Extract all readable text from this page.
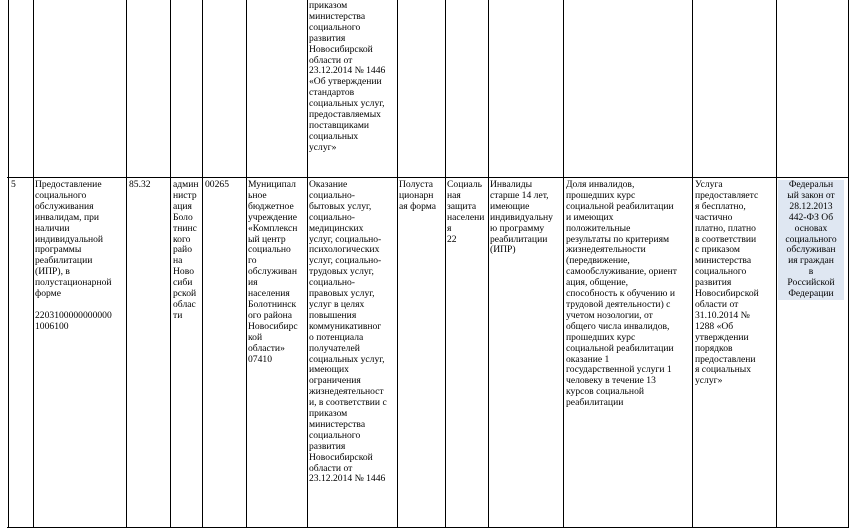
приказом
министерства
социального
развития
Новосибирской
области от
23.12.2014 № 1446
«Об утверждении
стандартов
социальных услуг,
предоставляемых
поставщиками
социальных
услуг»
5 Предоставление
социального
обслуживания
инвалидам, при
наличии
индивидуальной
программы
реабилитации
(ИПР), в
полустационарной
форме

2203100000000000
1006100
85.32 админ
нистр
ация
Боло
тнинс
кого
райо
на
Ново
сиби
рской
облас
ти
00265 Муниципал
ьное
бюджетное
учреждение
«Комплексн
ый центр
социально
го
обслуживан
ия
населения
Болотнинск
ого района
Новосибирс
кой
области»
07410
Оказание
социально-
бытовых услуг,
социально-
медицинских
услуг, социально-
психологических
услуг, социально-
трудовых услуг,
социально-
правовых услуг,
услуг в целях
повышения
коммуникативног
о потенциала
получателей
социальных услуг,
имеющих
ограничения
жизнедеятельност
и, в соответствии с
приказом
министерства
социального
развития
Новосибирской
области от
23.12.2014 № 1446
Полуста
ционарн
ая форма
Социаль
ная
защита
населени
я
22
Инвалиды
старше 14 лет,
имеющие
индивидуальну
ю программу
реабилитации
(ИПР)
Доля инвалидов,
прошедших курс
социальной реабилитации
и имеющих
положительные
результаты по критериям
жизнедеятельности
(передвижение,
самообслуживание, ориент
ация, общение,
способность к обучению и
трудовой деятельности) с
учетом нозологии, от
общего числа инвалидов,
прошедших курс
социальной реабилитации
оказание 1
государственной услуги 1
человеку в течение 13
курсов социальной
реабилитации
Услуга
предоставляетс
я бесплатно,
частично
платно, платно
в соответствии
с приказом
министерства
социального
развития
Новосибирской
области от
31.10.2014 №
1288 «Об
утверждении
порядков
предоставлени
я социальных
услуг»
Федеральн
ый закон от
28.12.2013
442-ФЗ Об
основах
социального
обслуживан
ия граждан
в
Российской
Федерации
